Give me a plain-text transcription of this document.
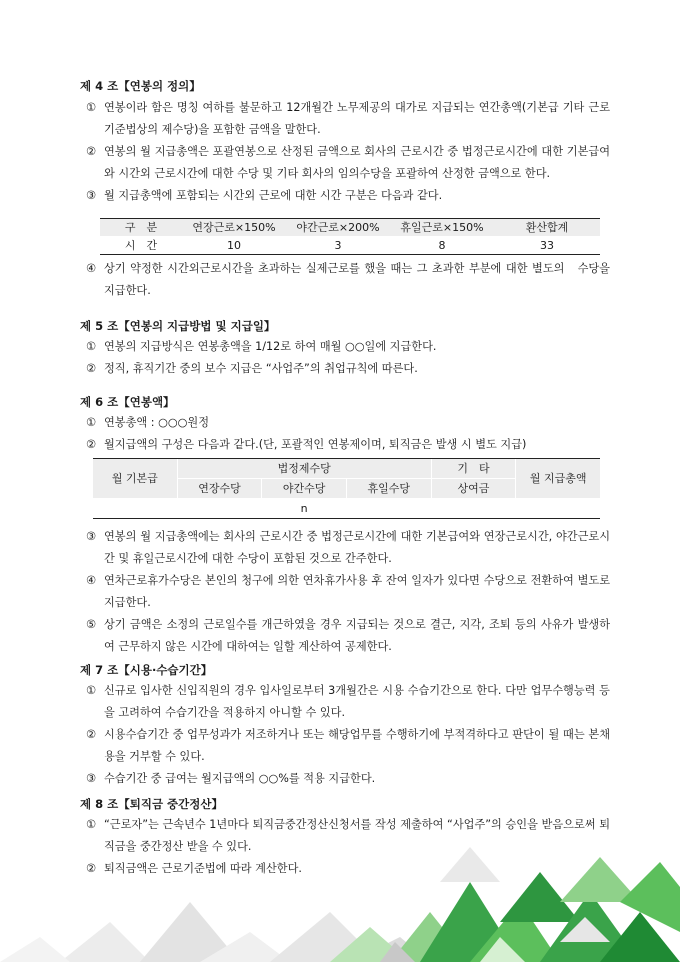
제 4 조【연봉의 정의】
① 연봉이라 함은 명칭 여하를 불문하고 12개월간 노무제공의 대가로 지급되는 연간총액(기본급 기타 근로기준법상의 제수당)을 포함한 금액을 말한다.
② 연봉의 월 지급총액은 포괄연봉으로 산정된 금액으로 회사의 근로시간 중 법정근로시간에 대한 기본급여와 시간외 근로시간에 대한 수당 및 기타 회사의 임의수당을 포괄하여 산정한 금액으로 한다.
③ 월 지급총액에 포함되는 시간외 근로에 대한 시간 구분은 다음과 같다.
구　분	연장근로×150%	야간근로×200%	휴일근로×150%	환산합계
시　간	10	3	8	33
④ 상기 약정한 시간외근로시간을 초과하는 실제근로를 했을 때는 그 초과한 부분에 대한 별도의　수당을 지급한다.
제 5 조【연봉의 지급방법 및 지급일】
① 연봉의 지급방식은 연봉총액을 1/12로 하여 매월 ○○일에 지급한다.
② 정직, 휴직기간 중의 보수 지급은 “사업주”의 취업규칙에 따른다.
제 6 조【연봉액】
① 연봉총액 : ○○○원정
② 월지급액의 구성은 다음과 같다.(단, 포괄적인 연봉제이며, 퇴직금은 발생 시 별도 지급)
월 기본급	법정제수당			기　타	월 지급총액
	연장수당	야간수당	휴일수당	상여금	
		n			
③ 연봉의 월 지급총액에는 회사의 근로시간 중 법정근로시간에 대한 기본급여와 연장근로시간, 야간근로시간 및 휴일근로시간에 대한 수당이 포함된 것으로 간주한다.
④ 연차근로휴가수당은 본인의 청구에 의한 연차휴가사용 후 잔여 일자가 있다면 수당으로 전환하여 별도로 지급한다.
⑤ 상기 금액은 소정의 근로일수를 개근하였을 경우 지급되는 것으로 결근, 지각, 조퇴 등의 사유가 발생하여 근무하지 않은 시간에 대하여는 일할 계산하여 공제한다.
제 7 조【시용·수습기간】
① 신규로 입사한 신입직원의 경우 입사일로부터 3개월간은 시용 수습기간으로 한다. 다만 업무수행능력 등을 고려하여 수습기간을 적용하지 아니할 수 있다.
② 시용수습기간 중 업무성과가 저조하거나 또는 해당업무를 수행하기에 부적격하다고 판단이 될 때는 본채용을 거부할 수 있다.
③ 수습기간 중 급여는 월지급액의 ○○%를 적용 지급한다.
제 8 조【퇴직금 중간정산】
① “근로자”는 근속년수 1년마다 퇴직금중간정산신청서를 작성 제출하여 “사업주”의 승인을 받음으로써 퇴직금을 중간정산 받을 수 있다.
② 퇴직금액은 근로기준법에 따라 계산한다.
